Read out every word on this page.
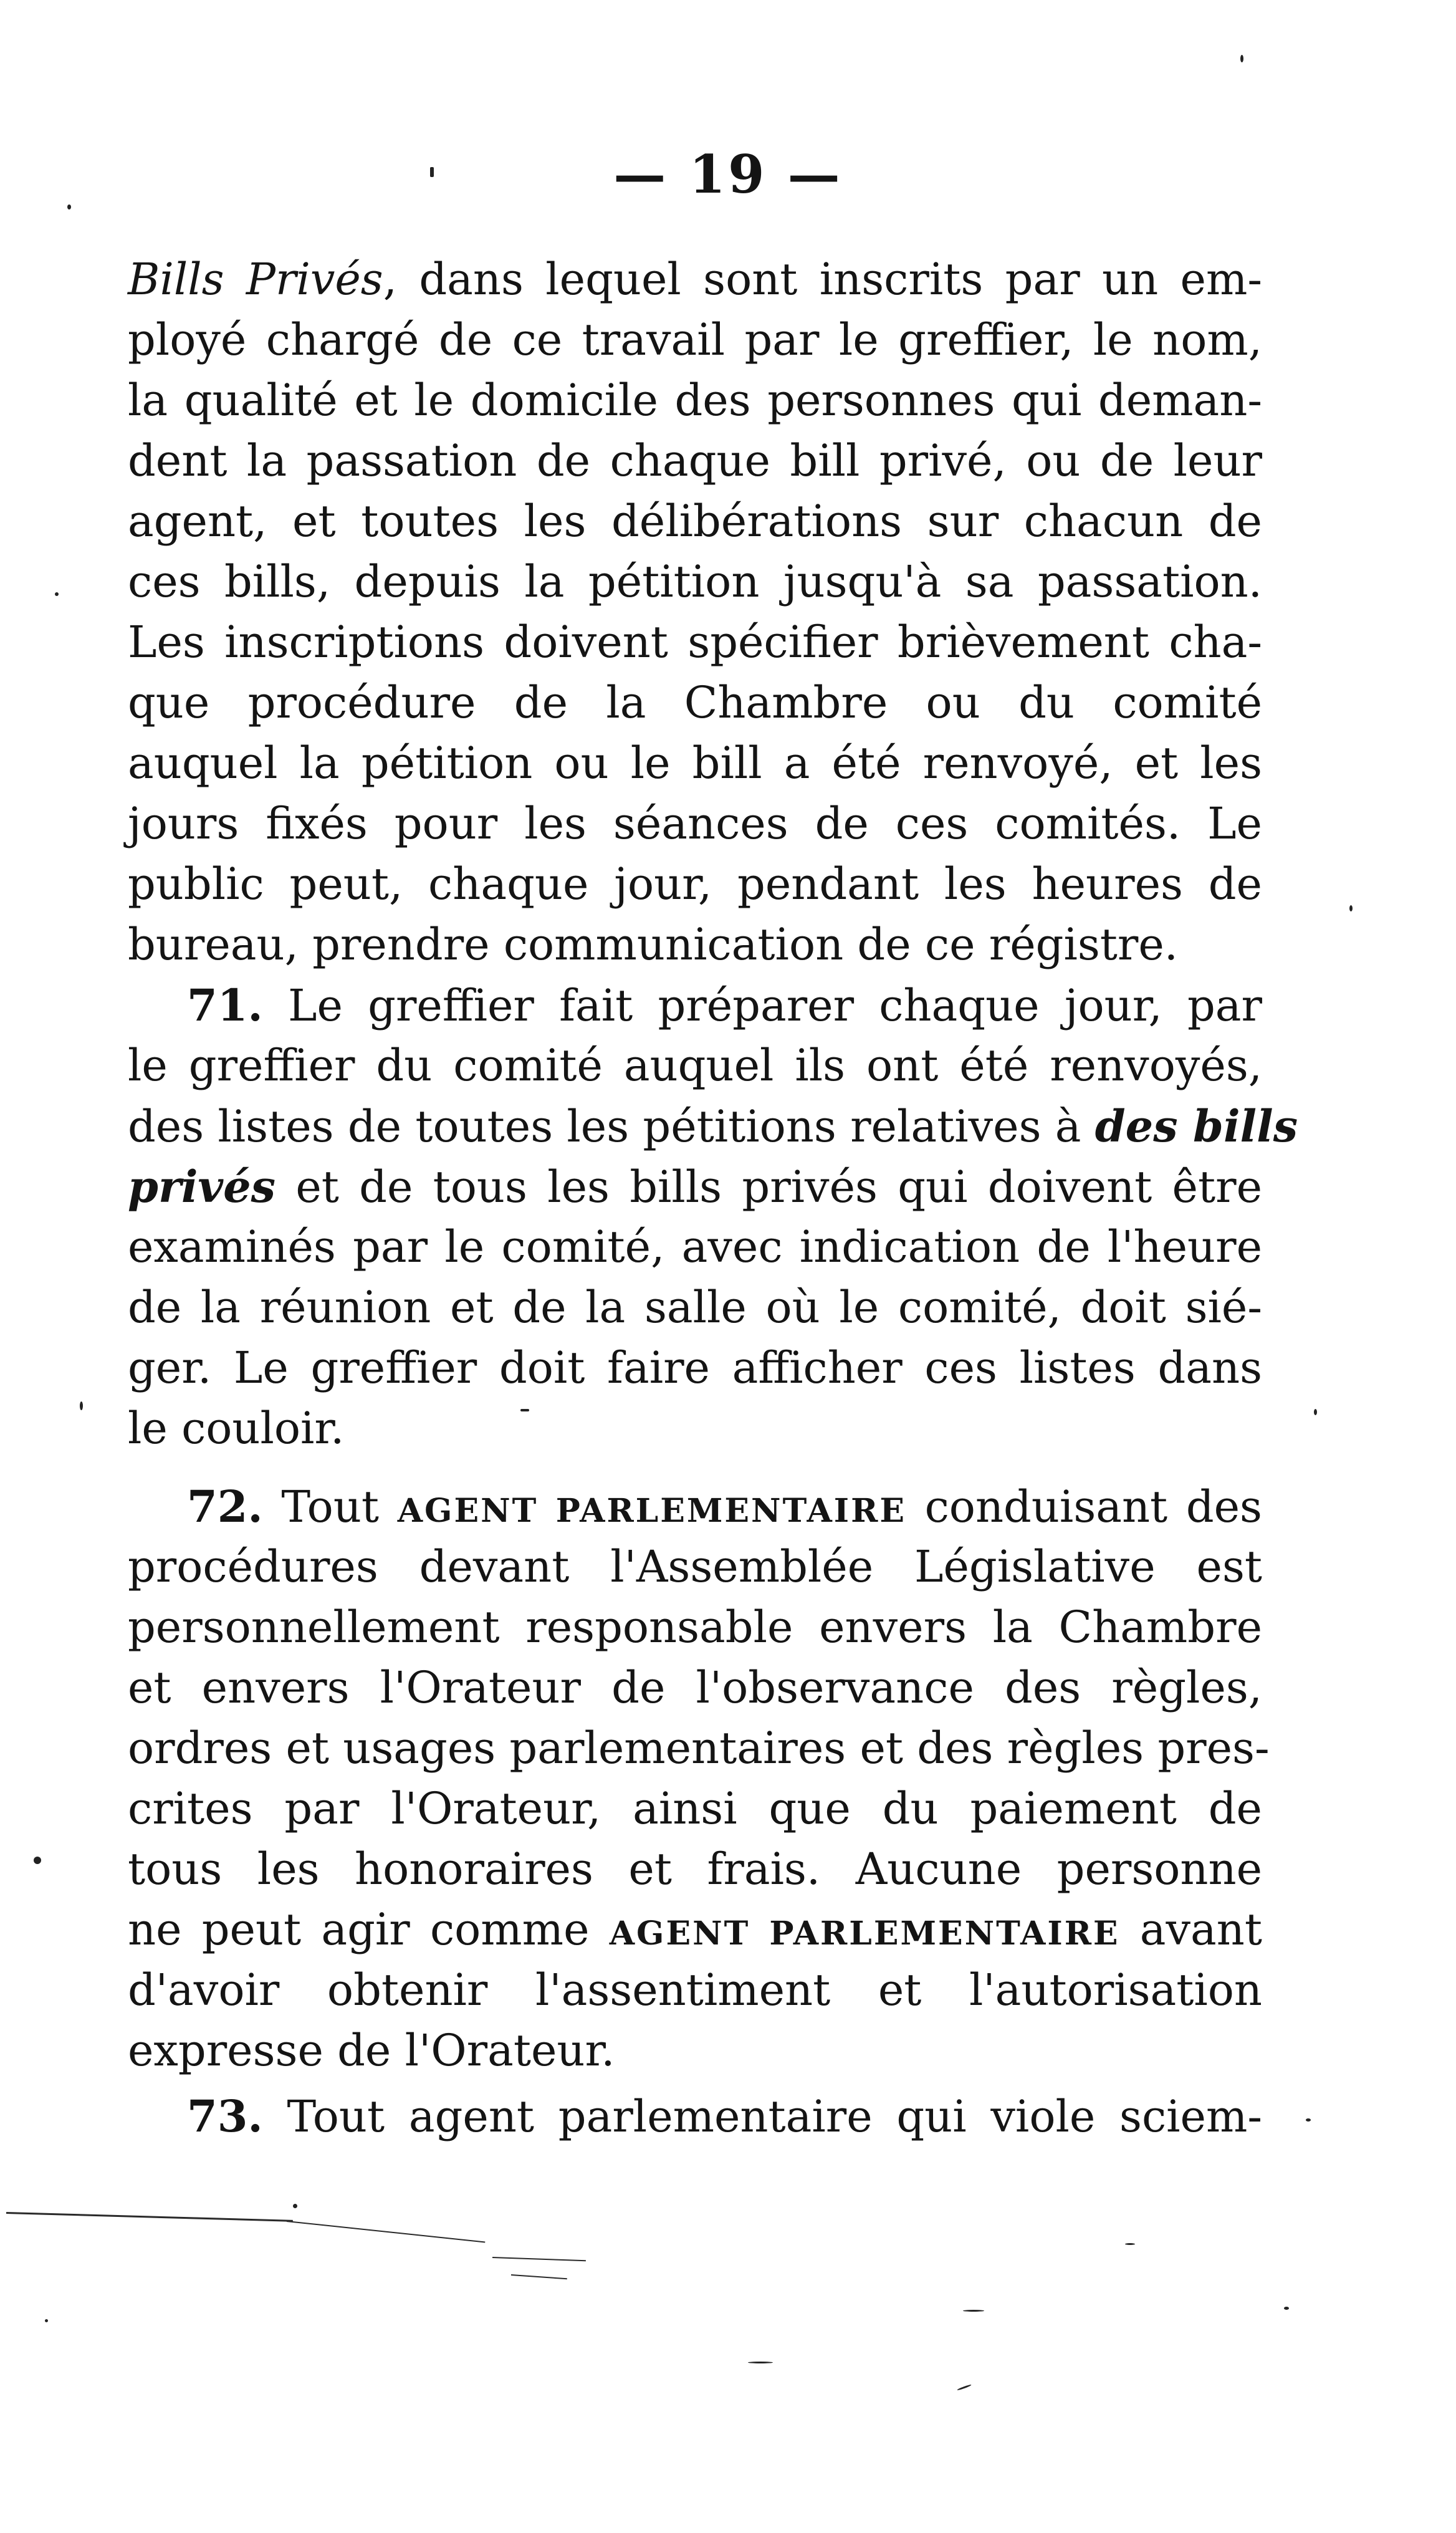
— 19 —
Bills Privés, dans lequel sont inscrits par un em-
ployé chargé de ce travail par le greffier, le nom,
la qualité et le domicile des personnes qui deman-
dent la passation de chaque bill privé, ou de leur
agent, et toutes les délibérations sur chacun de
ces bills, depuis la pétition jusqu'à sa passation.
Les inscriptions doivent spécifier brièvement cha-
que procédure de la Chambre ou du comité
auquel la pétition ou le bill a été renvoyé, et les
jours fixés pour les séances de ces comités. Le
public peut, chaque jour, pendant les heures de
bureau, prendre communication de ce régistre.
71. Le greffier fait préparer chaque jour, par
le greffier du comité auquel ils ont été renvoyés,
des listes de toutes les pétitions relatives à des bills
privés et de tous les bills privés qui doivent être
examinés par le comité, avec indication de l'heure
de la réunion et de la salle où le comité, doit sié-
ger. Le greffier doit faire afficher ces listes dans
le couloir.
72. Tout AGENT PARLEMENTAIRE conduisant des
procédures devant l'Assemblée Législative est
personnellement responsable envers la Chambre
et envers l'Orateur de l'observance des règles,
ordres et usages parlementaires et des règles pres-
crites par l'Orateur, ainsi que du paiement de
tous les honoraires et frais. Aucune personne
ne peut agir comme AGENT PARLEMENTAIRE avant
d'avoir obtenir l'assentiment et l'autorisation
expresse de l'Orateur.
73. Tout agent parlementaire qui viole sciem-
